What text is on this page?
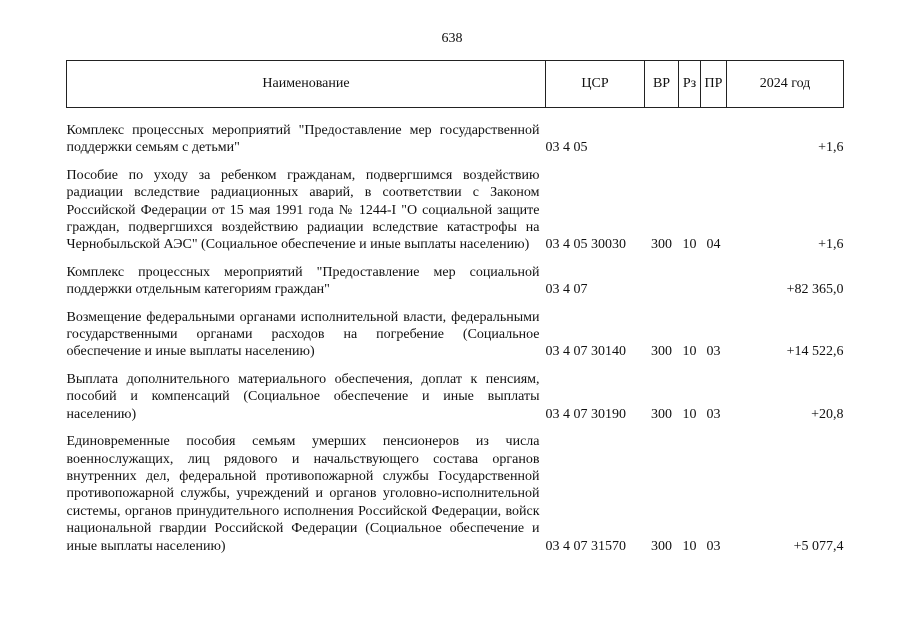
638
Наименование	ЦСР	ВР	Рз	ПР	2024 год

Комплекс процессных мероприятий "Предоставление мер государственной поддержки семьям с детьми"	03 4 05				+1,6

Пособие по уходу за ребенком гражданам, подвергшимся воздействию радиации вследствие радиационных аварий, в соответствии с Законом Российской Федерации от 15 мая 1991 года № 1244-I "О социальной защите граждан, подвергшихся воздействию радиации вследствие катастрофы на Чернобыльской АЭС" (Социальное обеспечение и иные выплаты населению)	03 4 05 30030	300	10	04	+1,6

Комплекс процессных мероприятий "Предоставление мер социальной поддержки отдельным категориям граждан"	03 4 07				+82 365,0

Возмещение федеральными органами исполнительной власти, федеральными государственными органами расходов на погребение (Социальное обеспечение и иные выплаты населению)	03 4 07 30140	300	10	03	+14 522,6

Выплата дополнительного материального обеспечения, доплат к пенсиям, пособий и компенсаций (Социальное обеспечение и иные выплаты населению)	03 4 07 30190	300	10	03	+20,8

Единовременные пособия семьям умерших пенсионеров из числа военнослужащих, лиц рядового и начальствующего состава органов внутренних дел, федеральной противопожарной службы Государственной противопожарной службы, учреждений и органов уголовно-исполнительной системы, органов принудительного исполнения Российской Федерации, войск национальной гвардии Российской Федерации (Социальное обеспечение и иные выплаты населению)	03 4 07 31570	300	10	03	+5 077,4
